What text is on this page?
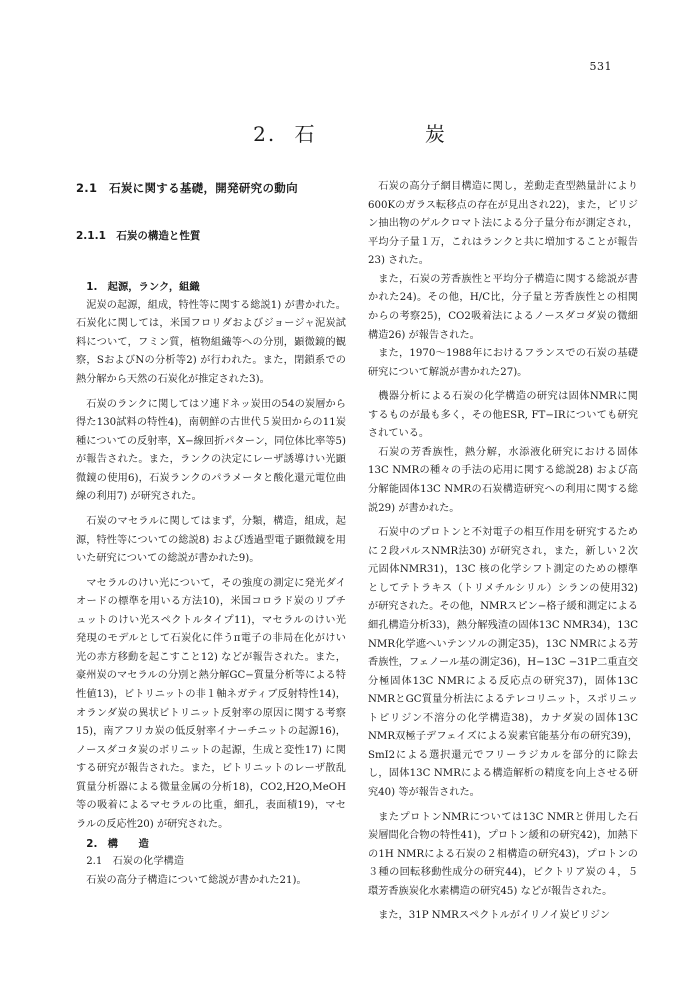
531
2. 石	炭
2.1　石炭に関する基礎，開発研究の動向
2.1.1　石炭の構造と性質

1.　起源，ランク，組織

泥炭の起源，組成，特性等に関する総説1) が書かれた。石炭化に関しては，米国フロリダおよびジョージャ泥炭試料について，フミン質，植物組織等への分別，顕微鏡的観察，SおよびNの分析等2) が行われた。また，閉鎖系での熱分解から天然の石炭化が推定された3)。

石炭のランクに関してはソ連ドネッ炭田の54の炭層から得た130試料の特性4)，南朝鮮の古世代５炭田からの11炭種についての反射率，X−線回折パターン，同位体比率等5) が報告された。また，ランクの決定にレーザ誘導けい光顕微鏡の使用6)，石炭ランクのパラメータと酸化還元電位曲線の利用7) が研究された。

石炭のマセラルに関してはまず，分類，構造，組成，起源，特性等についての総説8) および透過型電子顕微鏡を用いた研究についての総説が書かれた9)。

マセラルのけい光について，その強度の測定に発光ダイオードの標準を用いる方法10)，米国コロラド炭のリブチュットのけい光スペクトルタイプ11)，マセラルのけい光発現のモデルとして石炭化に伴うπ電子の非局在化がけい光の赤方移動を起こすこと12) などが報告された。また，豪州炭のマセラルの分別と熱分解GC−質量分析等による特性値13)，ビトリニットの非１軸ネガティブ反射特性14)，オランダ炭の異状ビトリニット反射率の原因に関する考察15)，南アフリカ炭の低反射率イナーチニットの起源16)，ノースダコタ炭のボリニットの起源，生成と変性17) に関する研究が報告された。また，ビトリニットのレーザ散乱質量分析器による微量金属の分析18)，CO2,H2O,MeOH等の吸着によるマセラルの比重，細孔，表面積19)，マセラルの反応性20) が研究された。

2.　構　　造

2.1　石炭の化学構造

石炭の高分子構造について総説が書かれた21)。

石炭の高分子網目構造に関し，差動走査型熱量計により600Kのガラス転移点の存在が見出され22)，また，ピリジン抽出物のゲルクロマト法による分子量分布が測定され，平均分子量１万，これはランクと共に増加することが報告23) された。

また，石炭の芳香族性と平均分子構造に関する総説が書かれた24)。その他，H/C比，分子量と芳香族性との相関からの考察25)，CO2吸着法によるノースダコダ炭の微細構造26) が報告された。

また，1970〜1988年におけるフランスでの石炭の基礎研究について解説が書かれた27)。

機器分析による石炭の化学構造の研究は固体NMRに関するものが最も多く，その他ESR, FT−IRについても研究されている。

石炭の芳香族性，熱分解，水添液化研究における固体13C NMRの種々の手法の応用に関する総説28) および高分解能固体13C NMRの石炭構造研究への利用に関する総説29) が書かれた。

石炭中のプロトンと不対電子の相互作用を研究するために２段パルスNMR法30) が研究され，また，新しい２次元固体NMR31)，13C 核の化学シフト測定のための標準としてテトラキス（トリメチルシリル）シランの使用32) が研究された。その他，NMRスピン−格子緩和測定による細孔構造分析33)，熱分解残渣の固体13C NMR34)，13C NMR化学遮へいテンソルの測定35)，13C NMRによる芳香族性，フェノール基の測定36)，H−13C −31P二重直交分極固体13C NMRによる反応点の研究37)，固体13C NMRとGC質量分析法によるテレコリニット，スポリニットピリジン不溶分の化学構造38)，カナダ炭の固体13C NMR双極子デフェイズによる炭素官能基分布の研究39)，SmI2による選択還元でフリーラジカルを部分的に除去し，固体13C NMRによる構造解析の精度を向上させる研究40) 等が報告された。

またプロトンNMRについては13C NMRと併用した石炭層間化合物の特性41)，プロトン緩和の研究42)，加熱下の1H NMRによる石炭の２相構造の研究43)，プロトンの３種の回転移動性成分の研究44)，ビクトリア炭の４，５環芳香族炭化水素構造の研究45) などが報告された。

また，31P NMRスペクトルがイリノイ炭ピリジン
